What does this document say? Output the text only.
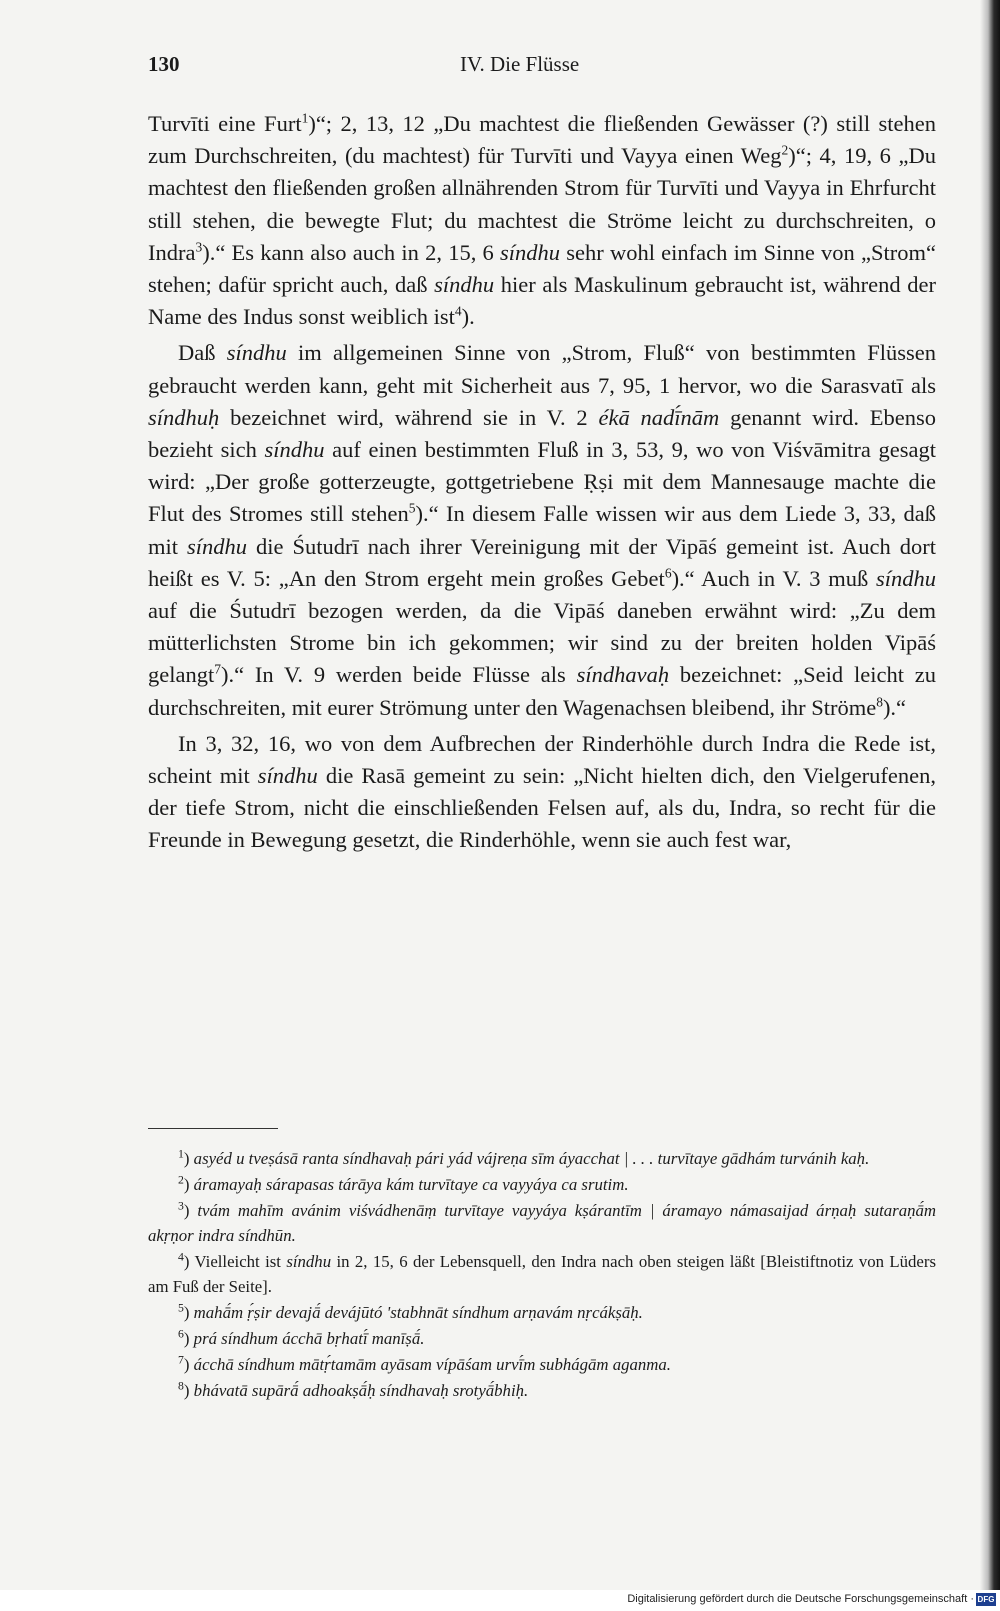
130	IV. Die Flüsse

Turvīti eine Furt$^1$)“; 2, 13, 12 „Du machtest die fließenden Gewässer (?) still stehen zum Durchschreiten, (du machtest) für Turvīti und Vayya einen Weg$^2$)“; 4, 19, 6 „Du machtest den fließenden großen allnährenden Strom für Turvīti und Vayya in Ehrfurcht still stehen, die bewegte Flut; du machtest die Ströme leicht zu durchschreiten, o Indra$^3$).“ Es kann also auch in 2, 15, 6 síndhu sehr wohl einfach im Sinne von „Strom“ stehen; dafür spricht auch, daß síndhu hier als Maskulinum gebraucht ist, während der Name des Indus sonst weiblich ist$^4$).

Daß síndhu im allgemeinen Sinne von „Strom, Fluß“ von bestimmten Flüssen gebraucht werden kann, geht mit Sicherheit aus 7, 95, 1 hervor, wo die Sarasvatī als síndhuḥ bezeichnet wird, während sie in V. 2 ékā nadī́nām genannt wird. Ebenso bezieht sich síndhu auf einen bestimmten Fluß in 3, 53, 9, wo von Viśvāmitra gesagt wird: „Der große gotterzeugte, gottgetriebene Ṛṣi mit dem Mannesauge machte die Flut des Stromes still stehen$^5$).“ In diesem Falle wissen wir aus dem Liede 3, 33, daß mit síndhu die Śutudrī nach ihrer Vereinigung mit der Vipāś gemeint ist. Auch dort heißt es V. 5: „An den Strom ergeht mein großes Gebet$^6$).“ Auch in V. 3 muß síndhu auf die Śutudrī bezogen werden, da die Vipāś daneben erwähnt wird: „Zu dem mütterlichsten Strome bin ich gekommen; wir sind zu der breiten holden Vipāś gelangt$^7$).“ In V. 9 werden beide Flüsse als síndhavaḥ bezeichnet: „Seid leicht zu durchschreiten, mit eurer Strömung unter den Wagenachsen bleibend, ihr Ströme$^8$).“

In 3, 32, 16, wo von dem Aufbrechen der Rinderhöhle durch Indra die Rede ist, scheint mit síndhu die Rasā gemeint zu sein: „Nicht hielten dich, den Vielgerufenen, der tiefe Strom, nicht die einschließenden Felsen auf, als du, Indra, so recht für die Freunde in Bewegung gesetzt, die Rinderhöhle, wenn sie auch fest war,

$^1$) asyéd u tveṣásā ranta síndhavaḥ pári yád vájreṇa sīm áyacchat | . . . turvītaye gādhám turvánih kaḥ.

$^2$) áramayaḥ sárapasas tárāya kám turvītaye ca vayyáya ca srutim.

$^3$) tvám mahīm avánim viśvádhenāṃ turvītaye vayyáya kṣárantīm | áramayo námasaijad árṇaḥ sutaraṇā́m akṛṇor indra síndhūn.

$^4$) Vielleicht ist síndhu in 2, 15, 6 der Lebensquell, den Indra nach oben steigen läßt [Bleistiftnotiz von Lüders am Fuß der Seite].

$^5$) mahā́m ṛ́ṣir devajā́ devájūtó 'stabhnāt síndhum arṇavám nṛcákṣāḥ.

$^6$) prá síndhum ácchā bṛhatī́ manīṣā́.

$^7$) ácchā síndhum mātṛ́tamām ayāsam vípāśam urvī́m subhágām aganma.

$^8$) bhávatā supārā́ adhoakṣā́ḥ síndhavaḥ srotyā́bhiḥ.

Digitalisierung gefördert durch die Deutsche Forschungsgemeinschaft · DFG
